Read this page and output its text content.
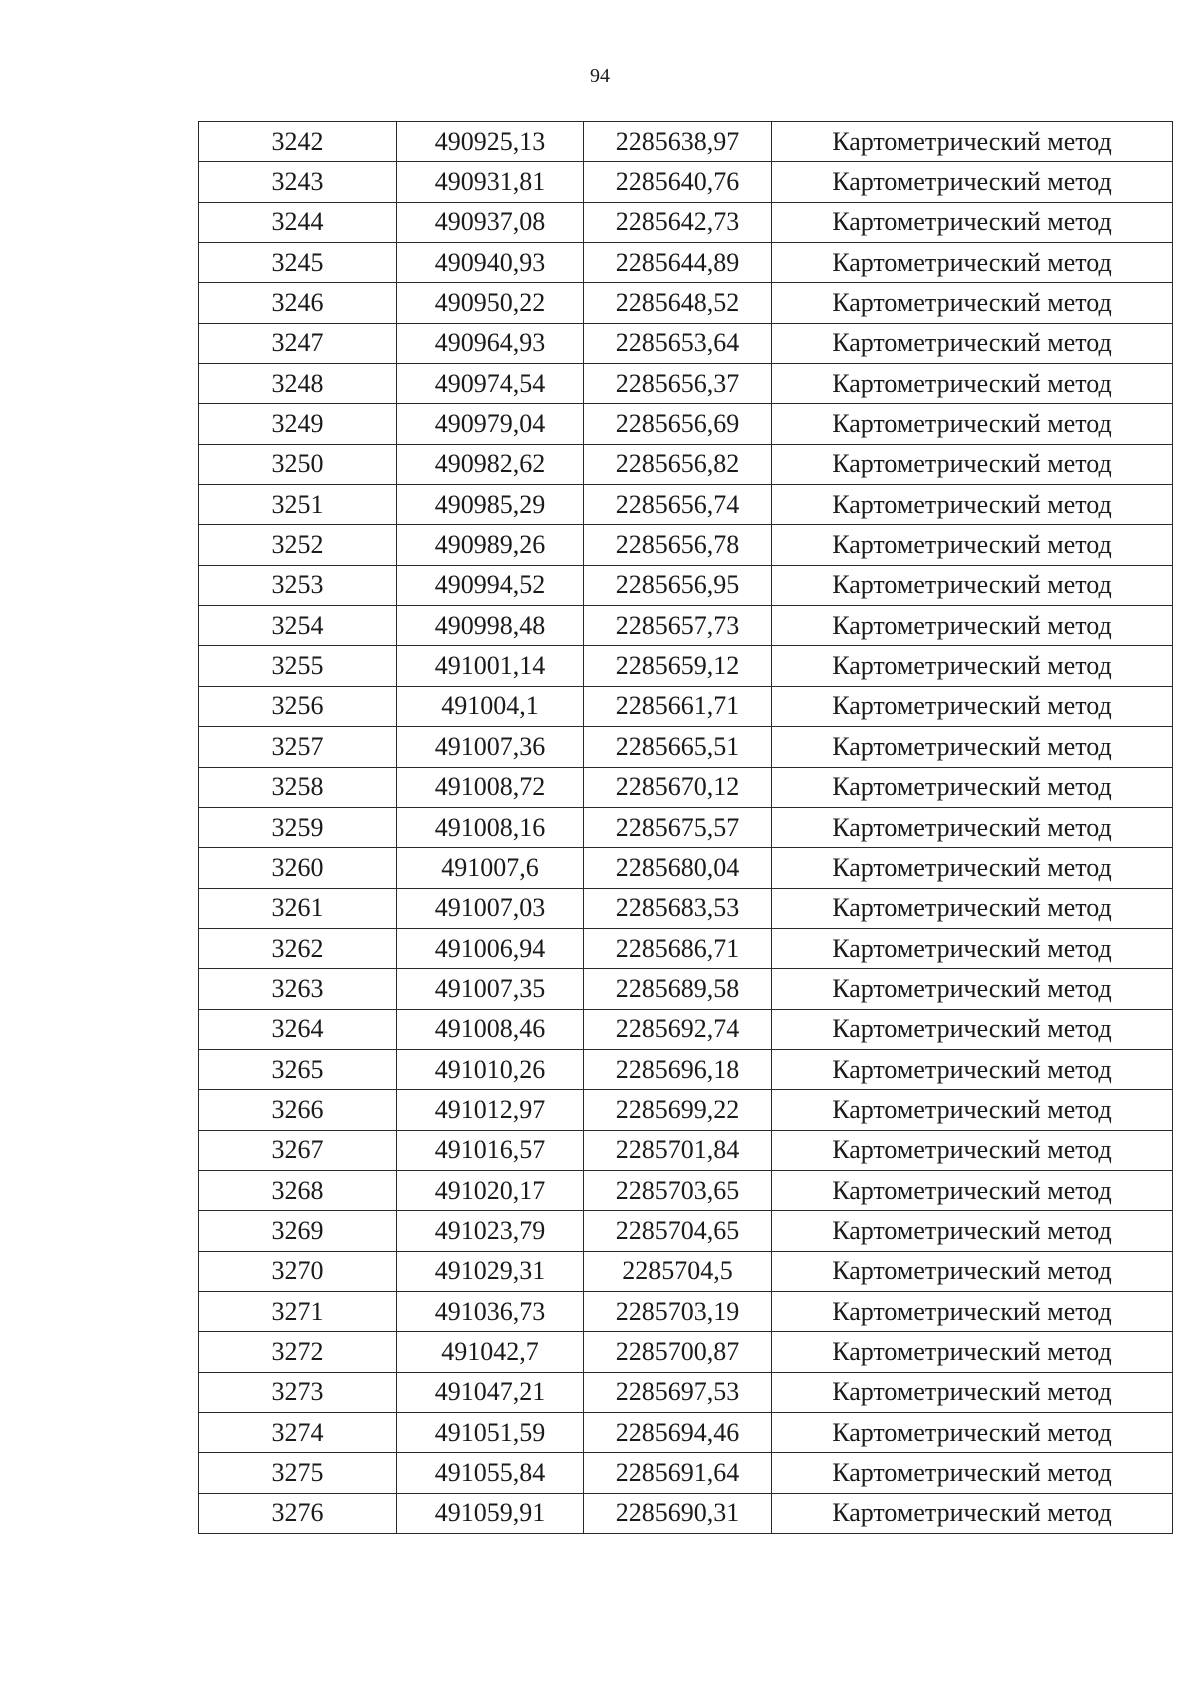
94
3242	490925,13	2285638,97	Картометрический метод
3243	490931,81	2285640,76	Картометрический метод
3244	490937,08	2285642,73	Картометрический метод
3245	490940,93	2285644,89	Картометрический метод
3246	490950,22	2285648,52	Картометрический метод
3247	490964,93	2285653,64	Картометрический метод
3248	490974,54	2285656,37	Картометрический метод
3249	490979,04	2285656,69	Картометрический метод
3250	490982,62	2285656,82	Картометрический метод
3251	490985,29	2285656,74	Картометрический метод
3252	490989,26	2285656,78	Картометрический метод
3253	490994,52	2285656,95	Картометрический метод
3254	490998,48	2285657,73	Картометрический метод
3255	491001,14	2285659,12	Картометрический метод
3256	491004,1	2285661,71	Картометрический метод
3257	491007,36	2285665,51	Картометрический метод
3258	491008,72	2285670,12	Картометрический метод
3259	491008,16	2285675,57	Картометрический метод
3260	491007,6	2285680,04	Картометрический метод
3261	491007,03	2285683,53	Картометрический метод
3262	491006,94	2285686,71	Картометрический метод
3263	491007,35	2285689,58	Картометрический метод
3264	491008,46	2285692,74	Картометрический метод
3265	491010,26	2285696,18	Картометрический метод
3266	491012,97	2285699,22	Картометрический метод
3267	491016,57	2285701,84	Картометрический метод
3268	491020,17	2285703,65	Картометрический метод
3269	491023,79	2285704,65	Картометрический метод
3270	491029,31	2285704,5	Картометрический метод
3271	491036,73	2285703,19	Картометрический метод
3272	491042,7	2285700,87	Картометрический метод
3273	491047,21	2285697,53	Картометрический метод
3274	491051,59	2285694,46	Картометрический метод
3275	491055,84	2285691,64	Картометрический метод
3276	491059,91	2285690,31	Картометрический метод
